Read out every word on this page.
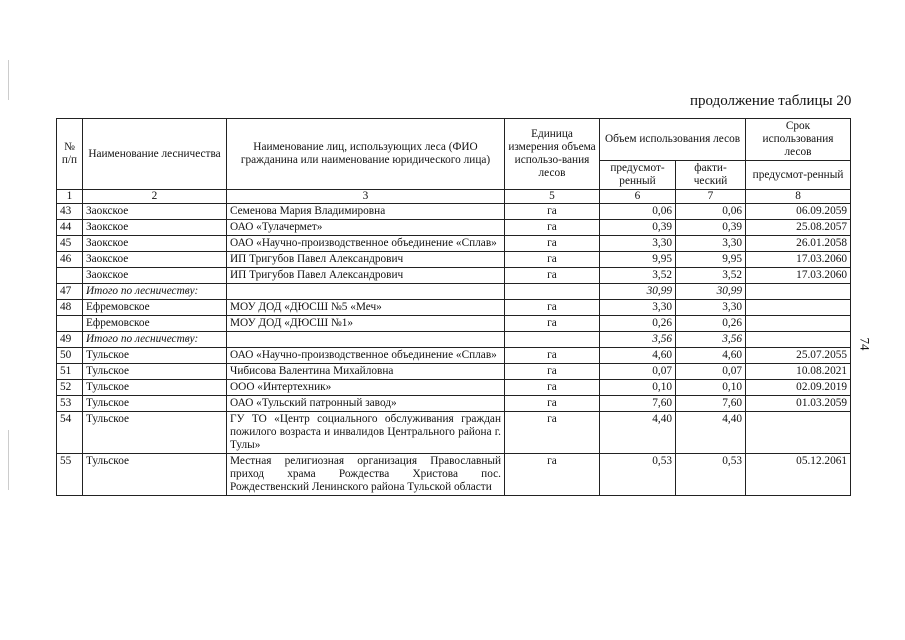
продолжение таблицы 20
74
№ п/п	Наименование лесничества	Наименование лиц, использующих леса (ФИО гражданина или наименование юридического лица)	Единица измерения объема использо-вания лесов	Объем использования лесов		Срок использования лесов
				предусмот-ренный	факти-ческий	предусмот-ренный
1	2	3	5	6	7	8
43	Заокское	Семенова Мария Владимировна	га	0,06	0,06	06.09.2059
44	Заокское	ОАО «Тулачермет»	га	0,39	0,39	25.08.2057
45	Заокское	ОАО «Научно-производственное объединение «Сплав»	га	3,30	3,30	26.01.2058
46	Заокское	ИП Тригубов Павел Александрович	га	9,95	9,95	17.03.2060
	Заокское	ИП Тригубов Павел Александрович	га	3,52	3,52	17.03.2060
47	Итого по лесничеству:			30,99	30,99	
48	Ефремовское	МОУ ДОД «ДЮСШ №5 «Меч»	га	3,30	3,30	
	Ефремовское	МОУ ДОД «ДЮСШ №1»	га	0,26	0,26	
49	Итого по лесничеству:			3,56	3,56	
50	Тульское	ОАО «Научно-производственное объединение «Сплав»	га	4,60	4,60	25.07.2055
51	Тульское	Чибисова Валентина Михайловна	га	0,07	0,07	10.08.2021
52	Тульское	ООО «Интертехник»	га	0,10	0,10	02.09.2019
53	Тульское	ОАО «Тульский патронный завод»	га	7,60	7,60	01.03.2059
54	Тульское	ГУ ТО «Центр социального обслуживания граждан пожилого возраста и инвалидов Центрального района г. Тулы»	га	4,40	4,40	
55	Тульское	Местная религиозная организация Православный приход храма Рождества Христова пос. Рождественский Ленинского района Тульской области	га	0,53	0,53	05.12.2061
